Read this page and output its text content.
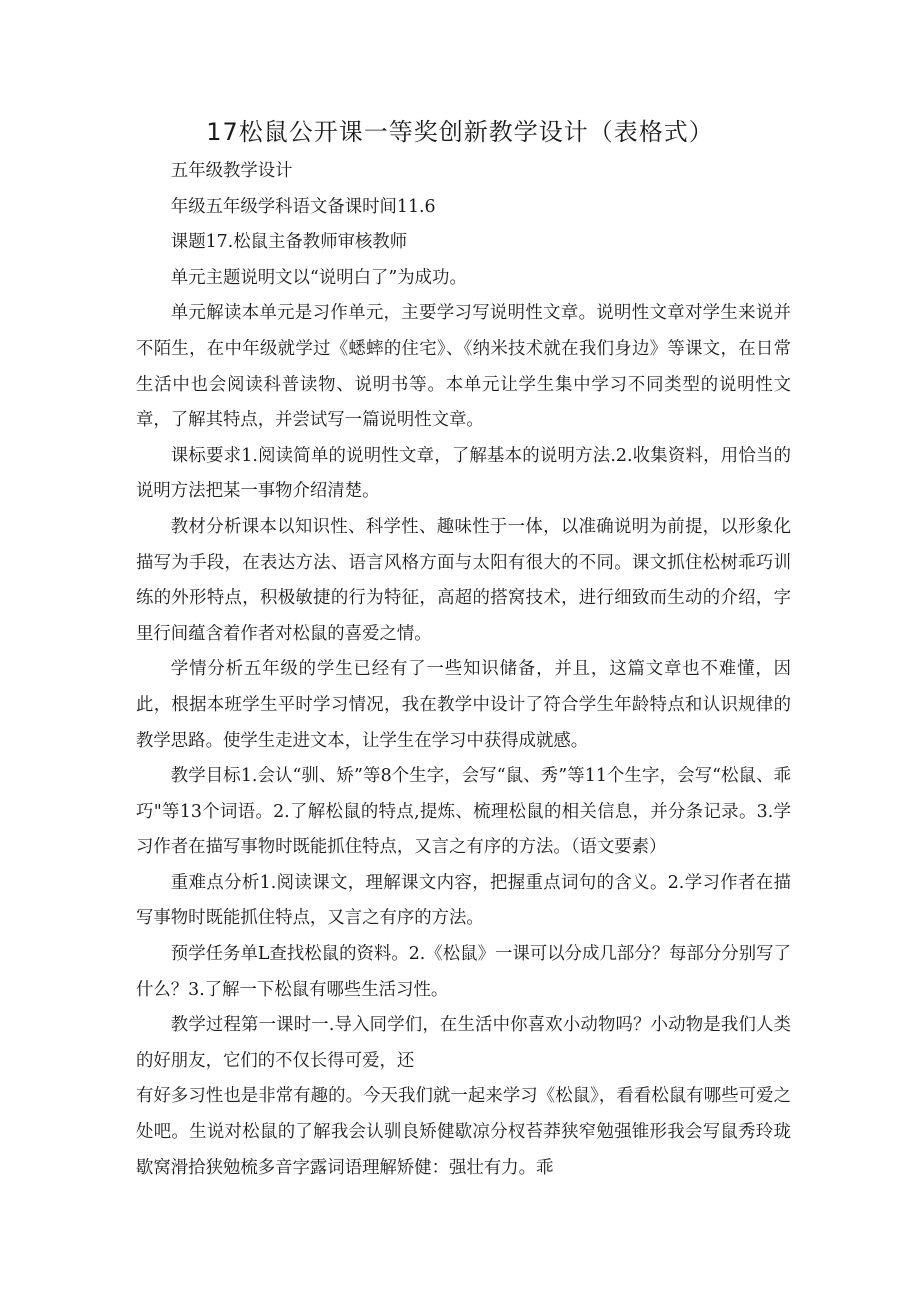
17松鼠公开课一等奖创新教学设计（表格式）

五年级教学设计

年级五年级学科语文备课时间11.6

课题17.松鼠主备教师审核教师

单元主题说明文以“说明白了”为成功。

单元解读本单元是习作单元，主要学习写说明性文章。说明性文章对学生来说并不陌生，在中年级就学过《蟋蟀的住宅》、《纳米技术就在我们身边》等课文，在日常生活中也会阅读科普读物、说明书等。本单元让学生集中学习不同类型的说明性文章，了解其特点，并尝试写一篇说明性文章。

课标要求1.阅读简单的说明性文章，了解基本的说明方法.2.收集资料，用恰当的说明方法把某一事物介绍清楚。

教材分析课本以知识性、科学性、趣味性于一体，以准确说明为前提，以形象化描写为手段，在表达方法、语言风格方面与太阳有很大的不同。课文抓住松树乖巧训练的外形特点，积极敏捷的行为特征，高超的搭窝技术，进行细致而生动的介绍，字里行间蕴含着作者对松鼠的喜爱之情。

学情分析五年级的学生已经有了一些知识储备，并且，这篇文章也不难懂，因此，根据本班学生平时学习情况，我在教学中设计了符合学生年龄特点和认识规律的教学思路。使学生走进文本，让学生在学习中获得成就感。

教学目标1.会认“驯、矫”等8个生字，会写“鼠、秀”等11个生字，会写“松鼠、乖巧"等13个词语。2.了解松鼠的特点,提炼、梳理松鼠的相关信息，并分条记录。3.学习作者在描写事物时既能抓住特点，又言之有序的方法。（语文要素）

重难点分析1.阅读课文，理解课文内容，把握重点词句的含义。2.学习作者在描写事物时既能抓住特点，又言之有序的方法。

预学任务单L查找松鼠的资料。2.《松鼠》一课可以分成几部分？每部分分别写了什么？3.了解一下松鼠有哪些生活习性。

教学过程第一课时一.导入同学们，在生活中你喜欢小动物吗？小动物是我们人类的好朋友，它们的不仅长得可爱，还

有好多习性也是非常有趣的。今天我们就一起来学习《松鼠》，看看松鼠有哪些可爱之处吧。生说对松鼠的了解我会认驯良矫健歇凉分杈苔莽狭窄勉强锥形我会写鼠秀玲珑歇窝滑拾狭勉梳多音字露词语理解矫健：强壮有力。乖
